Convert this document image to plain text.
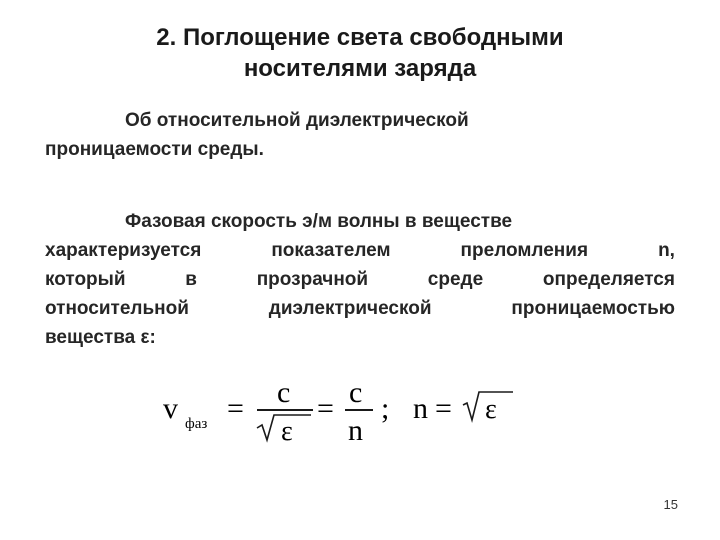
2. Поглощение света свободными
носителями заряда
Об относительной диэлектрической
проницаемости среды.
Фазовая скорость э/м волны в веществе
характеризуется	показателем	преломления	n,
который	в	прозрачной	среде	определяется
относительной	диэлектрической	проницаемостью
вещества ε:
v фаз = c
ε
= c
n
; n = ε
15
